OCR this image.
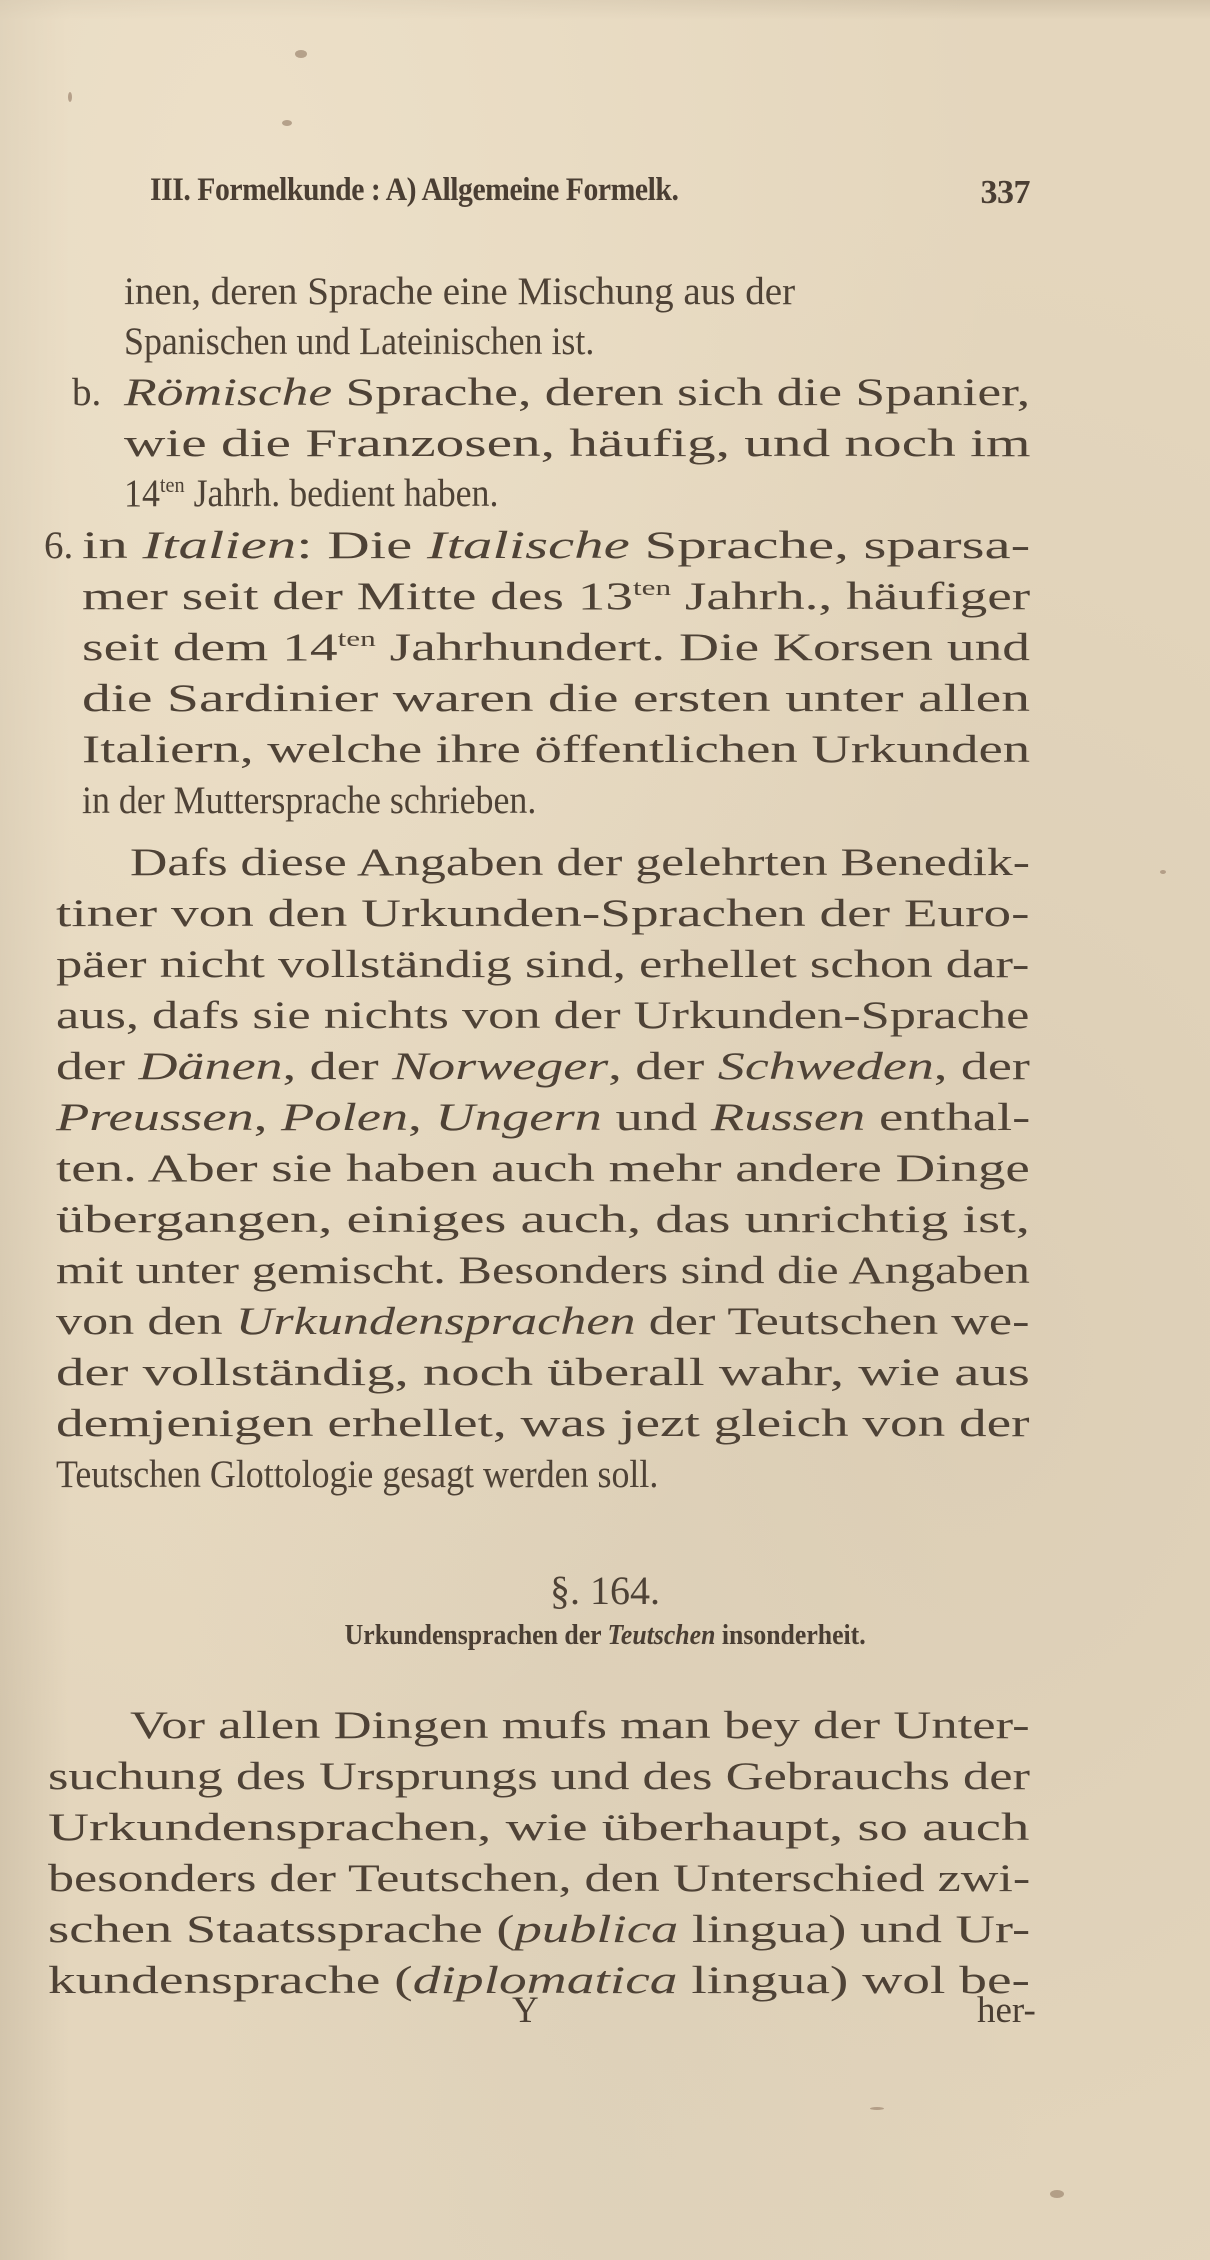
III. Formelkunde : A) Allgemeine Formelk.	337
inen, deren Sprache eine Mischung aus der
Spanischen und Lateinischen ist.
b. Römische Sprache, deren sich die Spanier,
wie die Franzosen, häufig, und noch im
$14^{ten}$ Jahrh. bedient haben.
6. in Italien: Die Italische Sprache, sparsa-
mer seit der Mitte des $13^{ten}$ Jahrh., häufiger
seit dem $14^{ten}$ Jahrhundert. Die Korsen und
die Sardinier waren die ersten unter allen
Italiern, welche ihre öffentlichen Urkunden
in der Muttersprache schrieben.
Dafs diese Angaben der gelehrten Benedik-
tiner von den Urkunden-Sprachen der Euro-
päer nicht vollständig sind, erhellet schon dar-
aus, dafs sie nichts von der Urkunden-Sprache
der Dänen, der Norweger, der Schweden, der
Preussen, Polen, Ungern und Russen enthal-
ten. Aber sie haben auch mehr andere Dinge
übergangen, einiges auch, das unrichtig ist,
mit unter gemischt. Besonders sind die Angaben
von den Urkundensprachen der Teutschen we-
der vollständig, noch überall wahr, wie aus
demjenigen erhellet, was jezt gleich von der
Teutschen Glottologie gesagt werden soll.
§. 164.
Urkundensprachen der Teutschen insonderheit.
Vor allen Dingen mufs man bey der Unter-
suchung des Ursprungs und des Gebrauchs der
Urkundensprachen, wie überhaupt, so auch
besonders der Teutschen, den Unterschied zwi-
schen Staatssprache (publica lingua) und Ur-
kundensprache (diplomatica lingua) wol be-
Y	her-
